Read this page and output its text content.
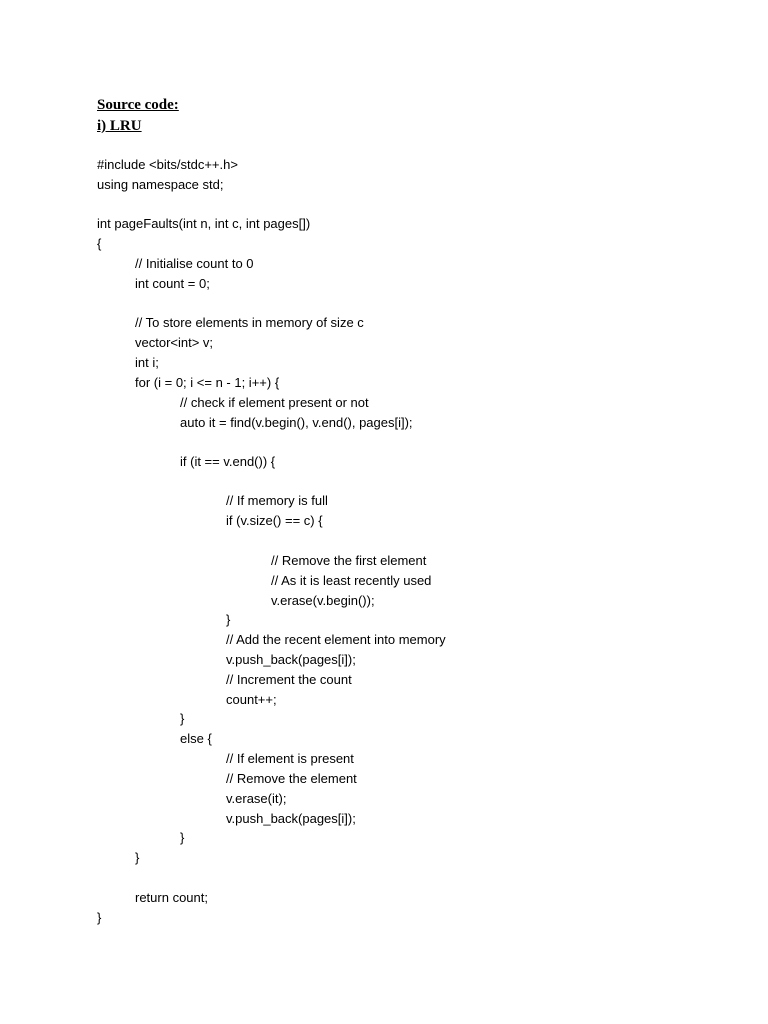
Source code:
i) LRU
#include <bits/stdc++.h>
using namespace std;
int pageFaults(int n, int c, int pages[])
{
// Initialise count to 0
int count = 0;
// To store elements in memory of size c
vector<int> v;
int i;
for (i = 0; i <= n - 1; i++) {
// check if element present or not
auto it = find(v.begin(), v.end(), pages[i]);
if (it == v.end()) {
// If memory is full
if (v.size() == c) {
// Remove the first element
// As it is least recently used
v.erase(v.begin());
}
// Add the recent element into memory
v.push_back(pages[i]);
// Increment the count
count++;
}
else {
// If element is present
// Remove the element
v.erase(it);
v.push_back(pages[i]);
}
}
return count;
}
